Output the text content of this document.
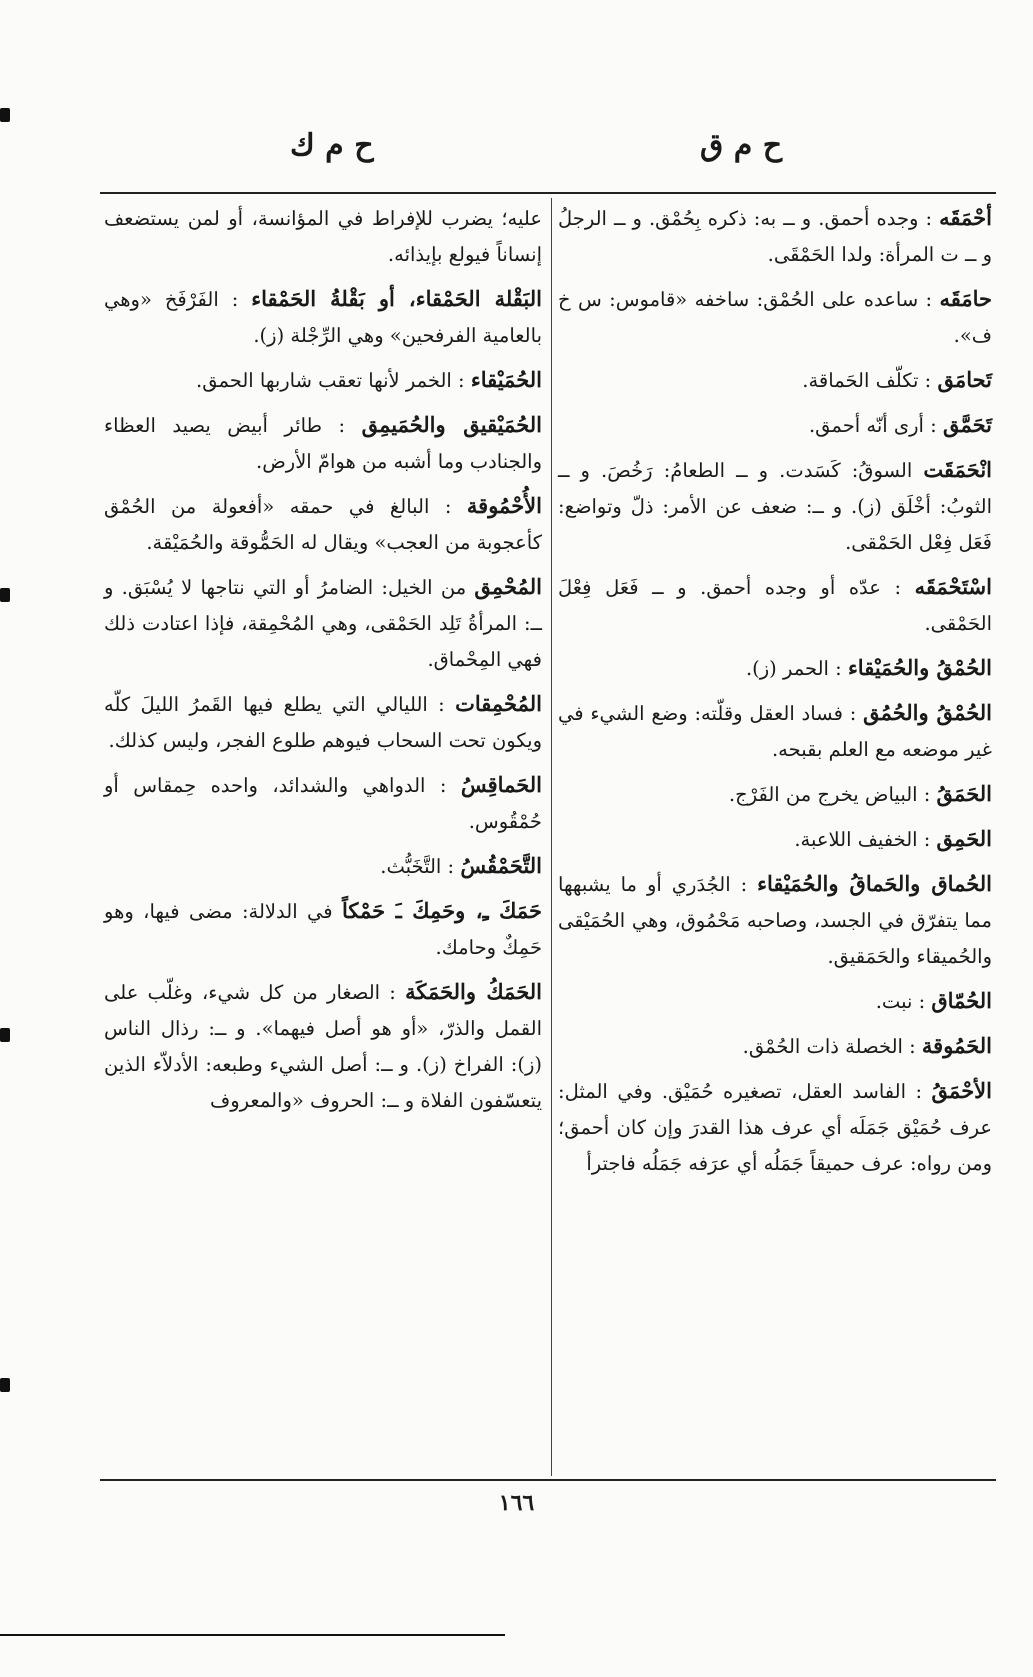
ح م ق
ح م ك
أحْمَقَه : وجده أحمق. و ــ به: ذكره بِحُمْق. و ــ الرجلُ و ــ ت المرأة: ولدا الحَمْقَى.
حامَقَه : ساعده على الحُمْق: ساخفه «قاموس: س خ ف».
تَحامَق : تكلّف الحَماقة.
تَحَمَّق : أرى أنّه أحمق.
انْحَمَقَت السوقُ: كَسَدت. و ــ الطعامُ: رَخُصَ. و ــ الثوبُ: أخْلَق (ز). و ــ: ضعف عن الأمر: ذلّ وتواضع: فَعَل فِعْل الحَمْقى.
اسْتَحْمَقَه : عدّه أو وجده أحمق. و ــ فَعَل فِعْلَ الحَمْقى.
الحُمْقُ والحُمَيْقاء : الحمر (ز).
الحُمْقُ والحُمُق : فساد العقل وقلّته: وضع الشيء في غير موضعه مع العلم بقبحه.
الحَمَقُ : البياض يخرج من الفَرْج.
الحَمِق : الخفيف اللاعبة.
الحُماق والحَماقُ والحُمَيْقاء : الجُدَري أو ما يشبهها مما يتفرّق في الجسد، وصاحبه مَحْمُوق، وهي الحُمَيْقى والحُميقاء والحَمَقيق.
الحُمّاق : نبت.
الحَمُوقة : الخصلة ذات الحُمْق.
الأحْمَقُ : الفاسد العقل، تصغيره حُمَيْق. وفي المثل: عرف حُمَيْق جَمَلَه أي عرف هذا القدرَ وإن كان أحمق؛ ومن رواه: عرف حميقاً جَمَلُه أي عرَفه جَمَلُه فاجترأ
عليه؛ يضرب للإفراط في المؤانسة، أو لمن يستضعف إنساناً فيولع بإيذائه.
البَقْلة الحَمْقاء، أو بَقْلةُ الحَمْقاء : الفَرْفَخ «وهي بالعامية الفرفحين» وهي الرِّجْلة (ز).
الحُمَيْقاء : الخمر لأنها تعقب شاربها الحمق.
الحُمَيْقيق والحُمَيمِق : طائر أبيض يصيد العظاء والجنادب وما أشبه من هوامّ الأرض.
الأُحْمُوقة : البالغ في حمقه «أفعولة من الحُمْق كأعجوبة من العجب» ويقال له الحَمُّوقة والحُمَيْقة.
المُحْمِق من الخيل: الضامرُ أو التي نتاجها لا يُسْبَق. و ــ: المرأةُ تَلِد الحَمْقى، وهي المُحْمِقة، فإذا اعتادت ذلك فهي المِحْماق.
المُحْمِقات : الليالي التي يطلع فيها القَمرُ الليلَ كلّه ويكون تحت السحاب فيوهم طلوع الفجر، وليس كذلك.
الحَماقِسُ : الدواهي والشدائد، واحده حِمقاس أو حُمْقُوس.
التَّحَمْقُسُ : التَّخَبُّث.
حَمَكَ ـِ، وحَمِكَ ـَ حَمْكاً في الدلالة: مضى فيها، وهو حَمِكٌ وحامك.
الحَمَكُ والحَمَكَة : الصغار من كل شيء، وغلّب على القمل والذرّ، «أو هو أصل فيهما». و ــ: رذال الناس (ز): الفراخ (ز). و ــ: أصل الشيء وطبعه: الأدلاّء الذين يتعسّفون الفلاة و ــ: الحروف «والمعروف
١٦٦
